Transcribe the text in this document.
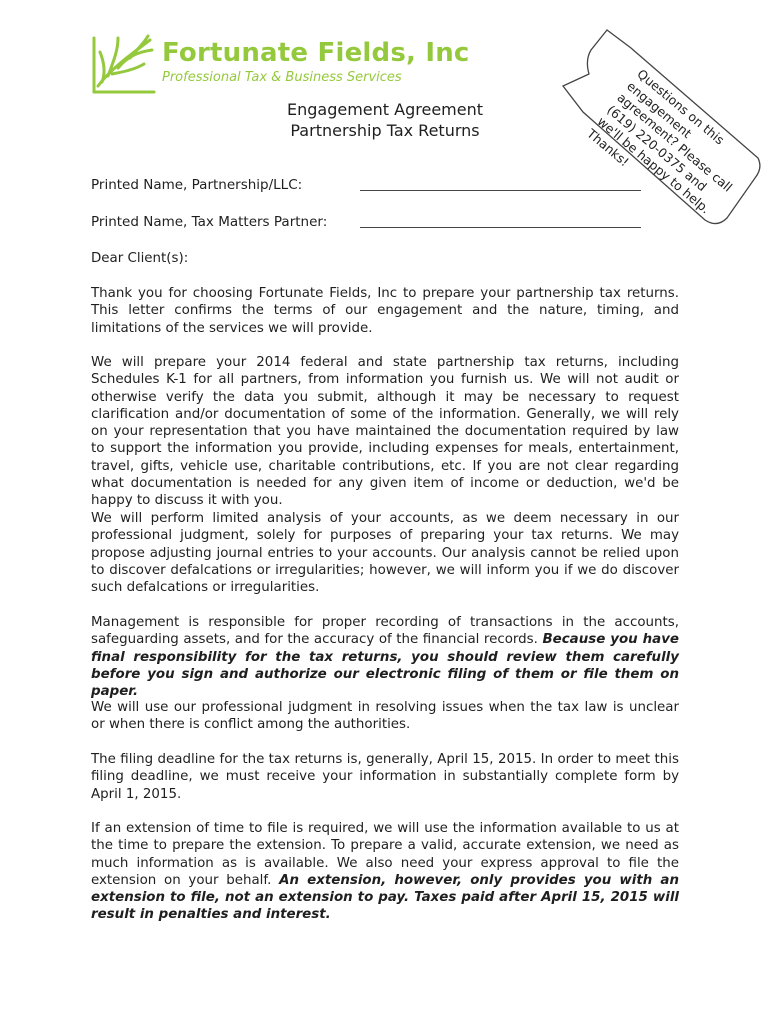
Fortunate Fields, Inc
Professional Tax & Business Services	Questions on this engagement agreement? Please call (619) 220-0375 and we'll be happy to help. Thanks!
Engagement Agreement
Partnership Tax Returns
Printed Name, Partnership/LLC:
Printed Name, Tax Matters Partner:

Dear Client(s):

Thank you for choosing Fortunate Fields, Inc to prepare your partnership tax returns. This letter confirms the terms of our engagement and the nature, timing, and limitations of the services we will provide.

We will prepare your 2014 federal and state partnership tax returns, including Schedules K-1 for all partners, from information you furnish us. We will not audit or otherwise verify the data you submit, although it may be necessary to request clarification and/or documentation of some of the information. Generally, we will rely on your representation that you have maintained the documentation required by law to support the information you provide, including expenses for meals, entertainment, travel, gifts, vehicle use, charitable contributions, etc. If you are not clear regarding what documentation is needed for any given item of income or deduction, we'd be happy to discuss it with you.

We will perform limited analysis of your accounts, as we deem necessary in our professional judgment, solely for purposes of preparing your tax returns. We may propose adjusting journal entries to your accounts. Our analysis cannot be relied upon to discover defalcations or irregularities; however, we will inform you if we do discover such defalcations or irregularities.

Management is responsible for proper recording of transactions in the accounts, safeguarding assets, and for the accuracy of the financial records. Because you have final responsibility for the tax returns, you should review them carefully before you sign and authorize our electronic filing of them or file them on paper.

We will use our professional judgment in resolving issues when the tax law is unclear or when there is conflict among the authorities.

The filing deadline for the tax returns is, generally, April 15, 2015. In order to meet this filing deadline, we must receive your information in substantially complete form by April 1, 2015.

If an extension of time to file is required, we will use the information available to us at the time to prepare the extension. To prepare a valid, accurate extension, we need as much information as is available. We also need your express approval to file the extension on your behalf. An extension, however, only provides you with an extension to file, not an extension to pay. Taxes paid after April 15, 2015 will result in penalties and interest.
